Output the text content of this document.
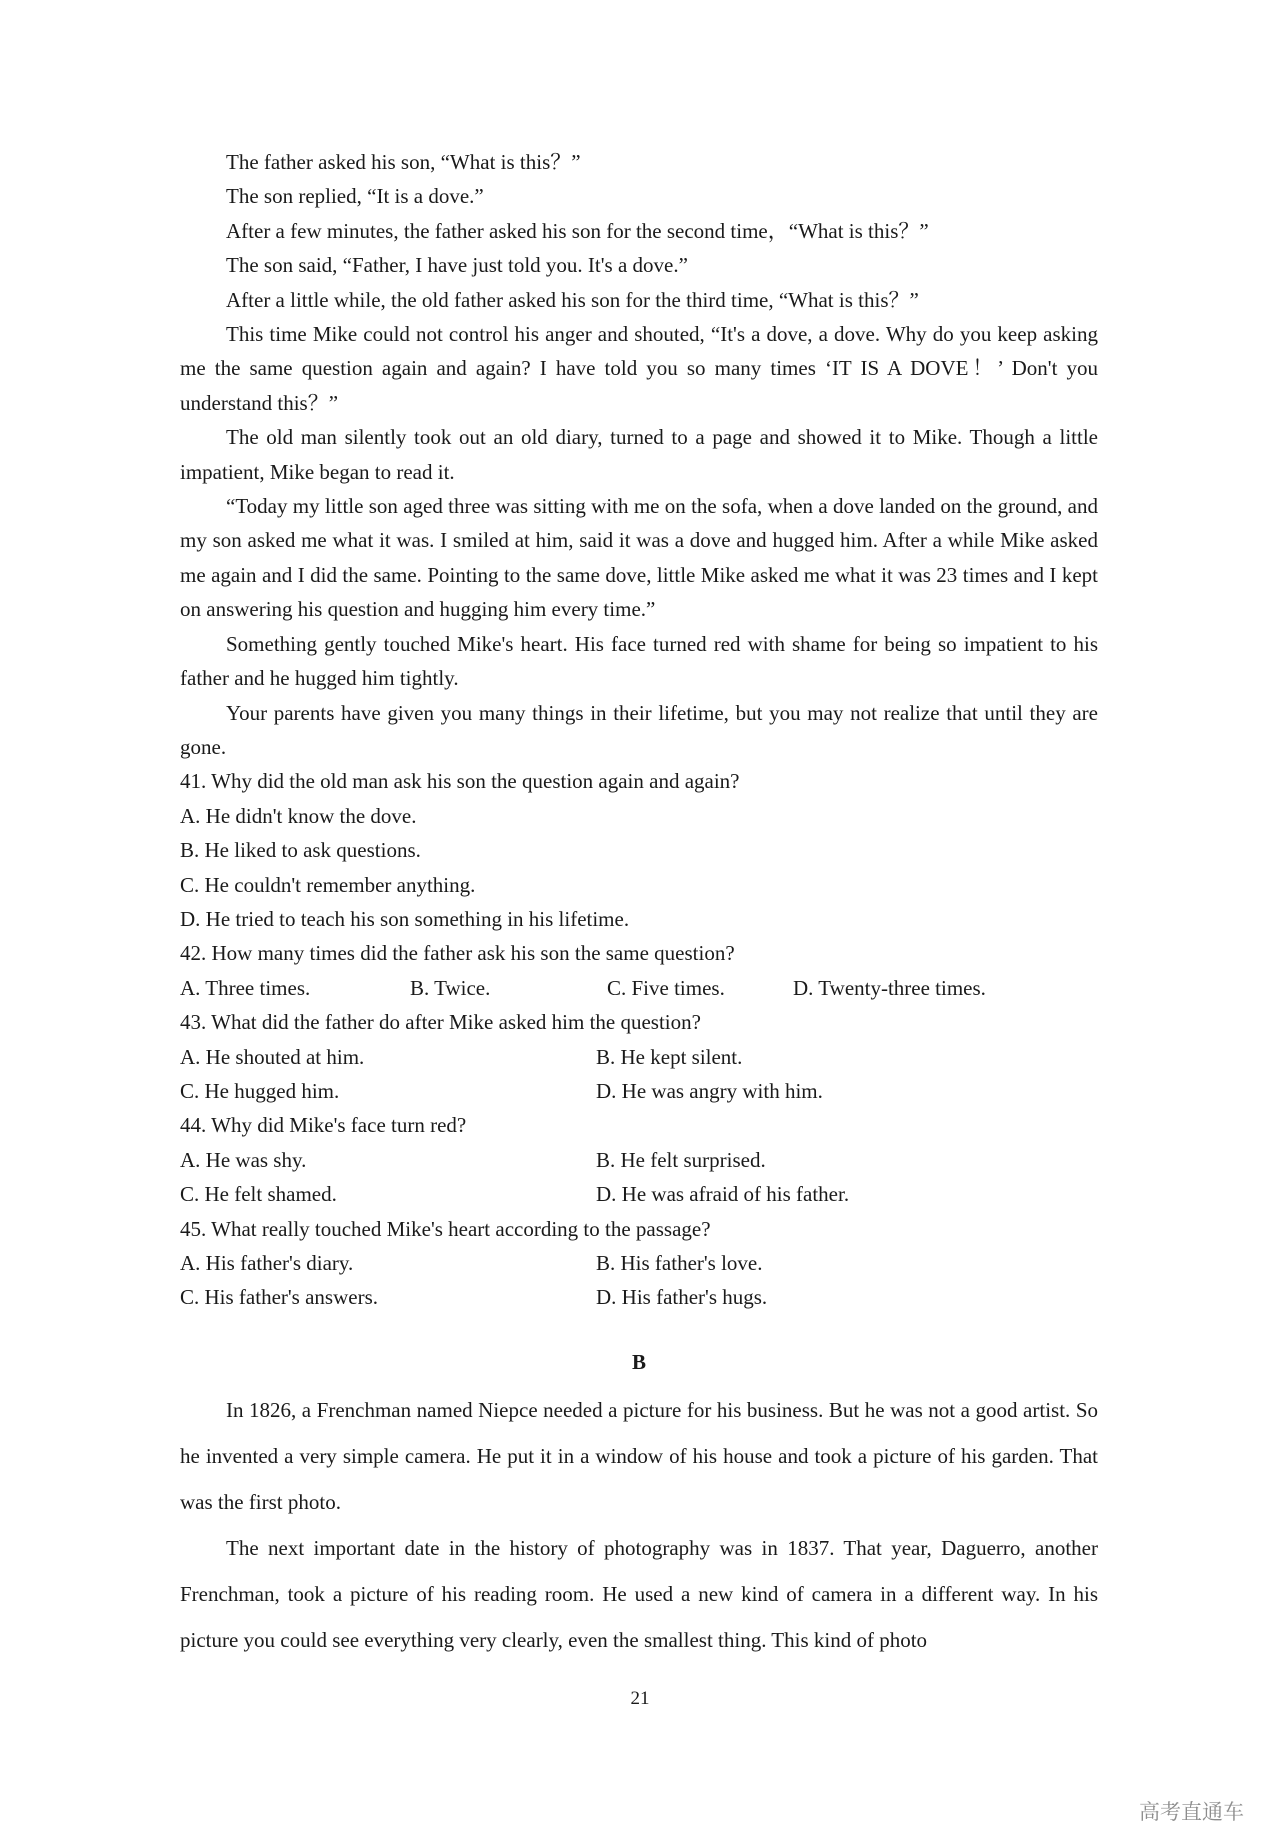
The father asked his son, “What is this？”

The son replied, “It is a dove.”

After a few minutes, the father asked his son for the second time，“What is this？”

The son said, “Father, I have just told you. It's a dove.”

After a little while, the old father asked his son for the third time, “What is this？”

This time Mike could not control his anger and shouted, “It's a dove, a dove. Why do you keep asking me the same question again and again? I have told you so many times ‘IT IS A DOVE！’ Don't you understand this？”

The old man silently took out an old diary, turned to a page and showed it to Mike. Though a little impatient, Mike began to read it.

“Today my little son aged three was sitting with me on the sofa, when a dove landed on the ground, and my son asked me what it was. I smiled at him, said it was a dove and hugged him. After a while Mike asked me again and I did the same. Pointing to the same dove, little Mike asked me what it was 23 times and I kept on answering his question and hugging him every time.”

Something gently touched Mike's heart. His face turned red with shame for being so impatient to his father and he hugged him tightly.

Your parents have given you many things in their lifetime, but you may not realize that until they are gone.

41. Why did the old man ask his son the question again and again?

A. He didn't know the dove.

B. He liked to ask questions.

C. He couldn't remember anything.

D. He tried to teach his son something in his lifetime.

42. How many times did the father ask his son the same question?

A. Three times.	B. Twice.	C. Five times.	D. Twenty-three times.

43. What did the father do after Mike asked him the question?

A. He shouted at him.	B. He kept silent.
C. He hugged him.	D. He was angry with him.

44. Why did Mike's face turn red?

A. He was shy.	B. He felt surprised.
C. He felt shamed.	D. He was afraid of his father.

45. What really touched Mike's heart according to the passage?

A. His father's diary.	B. His father's love.
C. His father's answers.	D. His father's hugs.
B

In 1826, a Frenchman named Niepce needed a picture for his business. But he was not a good artist. So he invented a very simple camera. He put it in a window of his house and took a picture of his garden. That was the first photo.

The next important date in the history of photography was in 1837. That year, Daguerro, another Frenchman, took a picture of his reading room. He used a new kind of camera in a different way. In his picture you could see everything very clearly, even the smallest thing. This kind of photo

21
高考直通车
